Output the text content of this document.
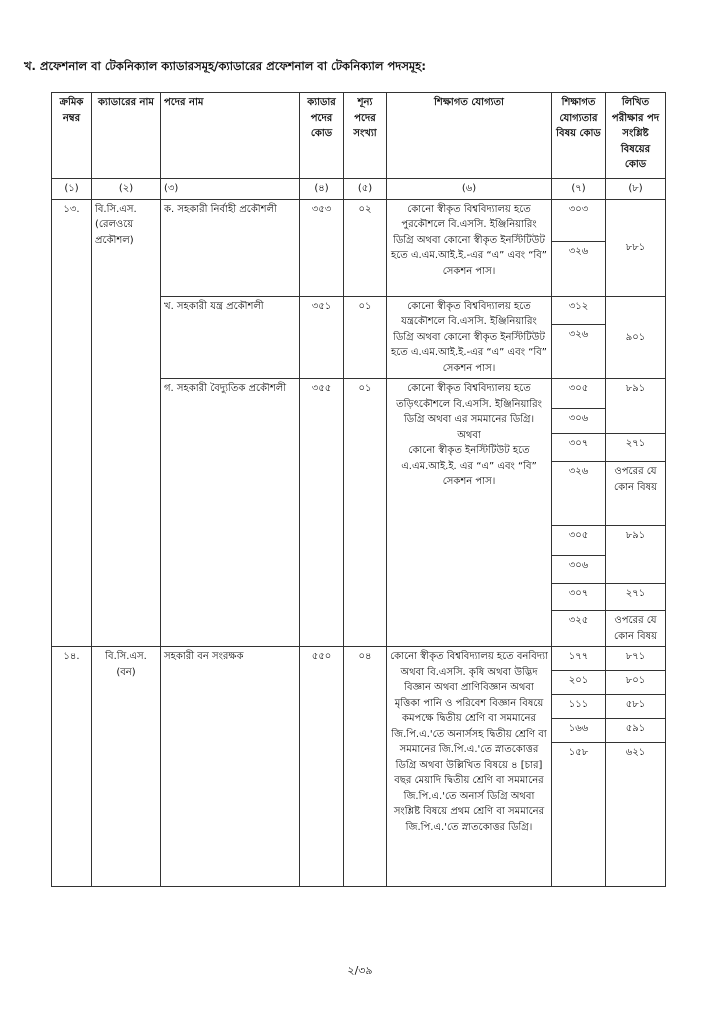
খ. প্রফেশনাল বা টেকনিক্যাল ক্যাডারসমূহ/ক্যাডারের প্রফেশনাল বা টেকনিক্যাল পদসমূহ:
ক্রমিক নম্বর	ক্যাডারের নাম	পদের নাম	ক্যাডার পদের কোড	শূন্য পদের সংখ্যা	শিক্ষাগত যোগ্যতা	শিক্ষাগত যোগ্যতার বিষয় কোড	লিখিত পরীক্ষার পদ সংশ্লিষ্ট বিষয়ের কোড
(১)	(২)	(৩)	(৪)	(৫)	(৬)	(৭)	(৮)
১৩.	বি.সি.এস. (রেলওয়ে প্রকৌশল)	ক. সহকারী নির্বাহী প্রকৌশলী	৩৫৩	০২	কোনো স্বীকৃত বিশ্ববিদ্যালয় হতে পুরকৌশলে বি.এসসি. ইঞ্জিনিয়ারিং ডিগ্রি অথবা কোনো স্বীকৃত ইনস্টিটিউট হতে এ.এম.আই.ই.-এর “এ” এবং “বি” সেকশন পাস।	৩০৩	৮৮১
						৩২৬	
		খ. সহকারী যন্ত্র প্রকৌশলী	৩৫১	০১	কোনো স্বীকৃত বিশ্ববিদ্যালয় হতে যন্ত্রকৌশলে বি.এসসি. ইঞ্জিনিয়ারিং ডিগ্রি অথবা কোনো স্বীকৃত ইনস্টিটিউট হতে এ.এম.আই.ই.-এর “এ” এবং “বি” সেকশন পাস।	৩১২	৯০১
						৩২৬	
		গ. সহকারী বৈদ্যুতিক প্রকৌশলী	৩৫৫	০১	কোনো স্বীকৃত বিশ্ববিদ্যালয় হতে তড়িৎকৌশলে বি.এসসি. ইঞ্জিনিয়ারিং ডিগ্রি অথবা এর সমমানের ডিগ্রি।
অথবা
কোনো স্বীকৃত ইনস্টিটিউট হতে এ.এম.আই.ই. এর “এ” এবং “বি” সেকশন পাস।	৩০৫	৮৯১
						৩০৬	
						৩০৭	২৭১
						৩২৬	ওপরের যে কোন বিষয়
						৩০৫	৮৯১
						৩০৬	
						৩০৭	২৭১
						৩২৫	ওপরের যে কোন বিষয়
১৪.	বি.সি.এস. (বন)	সহকারী বন সংরক্ষক	৫৫০	০৪	কোনো স্বীকৃত বিশ্ববিদ্যালয় হতে বনবিদ্যা অথবা বি.এসসি. কৃষি অথবা উদ্ভিদ বিজ্ঞান অথবা প্রাণিবিজ্ঞান অথবা মৃত্তিকা পানি ও পরিবেশ বিজ্ঞান বিষয়ে কমপক্ষে দ্বিতীয় শ্রেণি বা সমমানের জি.পি.এ.'তে অনার্সসহ দ্বিতীয় শ্রেণি বা সমমানের জি.পি.এ.'তে স্নাতকোত্তর ডিগ্রি অথবা উল্লিখিত বিষয়ে ৪ [চার] বছর মেয়াদি দ্বিতীয় শ্রেণি বা সমমানের জি.পি.এ.'তে অনার্স ডিগ্রি অথবা সংশ্লিষ্ট বিষয়ে প্রথম শ্রেণি বা সমমানের জি.পি.এ.'তে স্নাতকোত্তর ডিগ্রি।	১৭৭	৮৭১
						২০১	৮০১
						১১১	৫৮১
						১৬৬	৫৯১
						১৫৮	৬২১

২/৩৯
